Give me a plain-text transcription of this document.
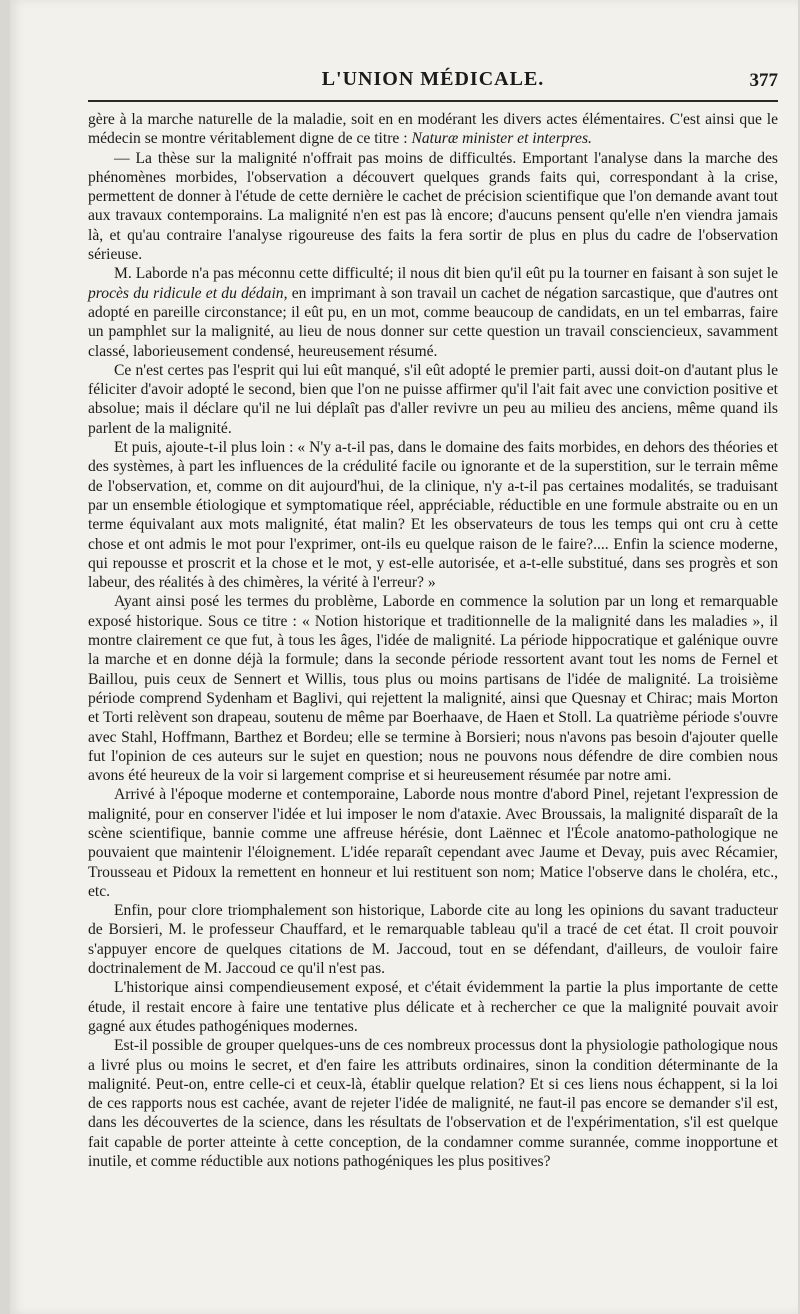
L'UNION MÉDICALE.	377

gère à la marche naturelle de la maladie, soit en en modérant les divers actes élémentaires. C'est ainsi que le médecin se montre véritablement digne de ce titre : Naturæ minister et interpres.

— La thèse sur la malignité n'offrait pas moins de difficultés. Emportant l'analyse dans la marche des phénomènes morbides, l'observation a découvert quelques grands faits qui, correspondant à la crise, permettent de donner à l'étude de cette dernière le cachet de précision scientifique que l'on demande avant tout aux travaux contemporains. La malignité n'en est pas là encore; d'aucuns pensent qu'elle n'en viendra jamais là, et qu'au contraire l'analyse rigoureuse des faits la fera sortir de plus en plus du cadre de l'observation sérieuse.

M. Laborde n'a pas méconnu cette difficulté; il nous dit bien qu'il eût pu la tourner en faisant à son sujet le procès du ridicule et du dédain, en imprimant à son travail un cachet de négation sarcastique, que d'autres ont adopté en pareille circonstance; il eût pu, en un mot, comme beaucoup de candidats, en un tel embarras, faire un pamphlet sur la malignité, au lieu de nous donner sur cette question un travail consciencieux, savamment classé, laborieusement condensé, heureusement résumé.

Ce n'est certes pas l'esprit qui lui eût manqué, s'il eût adopté le premier parti, aussi doit-on d'autant plus le féliciter d'avoir adopté le second, bien que l'on ne puisse affirmer qu'il l'ait fait avec une conviction positive et absolue; mais il déclare qu'il ne lui déplaît pas d'aller revivre un peu au milieu des anciens, même quand ils parlent de la malignité.

Et puis, ajoute-t-il plus loin : « N'y a-t-il pas, dans le domaine des faits morbides, en dehors des théories et des systèmes, à part les influences de la crédulité facile ou ignorante et de la superstition, sur le terrain même de l'observation, et, comme on dit aujourd'hui, de la clinique, n'y a-t-il pas certaines modalités, se traduisant par un ensemble étiologique et symptomatique réel, appréciable, réductible en une formule abstraite ou en un terme équivalant aux mots malignité, état malin? Et les observateurs de tous les temps qui ont cru à cette chose et ont admis le mot pour l'exprimer, ont-ils eu quelque raison de le faire?.... Enfin la science moderne, qui repousse et proscrit et la chose et le mot, y est-elle autorisée, et a-t-elle substitué, dans ses progrès et son labeur, des réalités à des chimères, la vérité à l'erreur? »

Ayant ainsi posé les termes du problème, Laborde en commence la solution par un long et remarquable exposé historique. Sous ce titre : « Notion historique et traditionnelle de la malignité dans les maladies », il montre clairement ce que fut, à tous les âges, l'idée de malignité. La période hippocratique et galénique ouvre la marche et en donne déjà la formule; dans la seconde période ressortent avant tout les noms de Fernel et Baillou, puis ceux de Sennert et Willis, tous plus ou moins partisans de l'idée de malignité. La troisième période comprend Sydenham et Baglivi, qui rejettent la malignité, ainsi que Quesnay et Chirac; mais Morton et Torti relèvent son drapeau, soutenu de même par Boerhaave, de Haen et Stoll. La quatrième période s'ouvre avec Stahl, Hoffmann, Barthez et Bordeu; elle se termine à Borsieri; nous n'avons pas besoin d'ajouter quelle fut l'opinion de ces auteurs sur le sujet en question; nous ne pouvons nous défendre de dire combien nous avons été heureux de la voir si largement comprise et si heureusement résumée par notre ami.

Arrivé à l'époque moderne et contemporaine, Laborde nous montre d'abord Pinel, rejetant l'expression de malignité, pour en conserver l'idée et lui imposer le nom d'ataxie. Avec Broussais, la malignité disparaît de la scène scientifique, bannie comme une affreuse hérésie, dont Laënnec et l'École anatomo-pathologique ne pouvaient que maintenir l'éloignement. L'idée reparaît cependant avec Jaume et Devay, puis avec Récamier, Trousseau et Pidoux la remettent en honneur et lui restituent son nom; Matice l'observe dans le choléra, etc., etc.

Enfin, pour clore triomphalement son historique, Laborde cite au long les opinions du savant traducteur de Borsieri, M. le professeur Chauffard, et le remarquable tableau qu'il a tracé de cet état. Il croit pouvoir s'appuyer encore de quelques citations de M. Jaccoud, tout en se défendant, d'ailleurs, de vouloir faire doctrinalement de M. Jaccoud ce qu'il n'est pas.

L'historique ainsi compendieusement exposé, et c'était évidemment la partie la plus importante de cette étude, il restait encore à faire une tentative plus délicate et à rechercher ce que la malignité pouvait avoir gagné aux études pathogéniques modernes.

Est-il possible de grouper quelques-uns de ces nombreux processus dont la physiologie pathologique nous a livré plus ou moins le secret, et d'en faire les attributs ordinaires, sinon la condition déterminante de la malignité. Peut-on, entre celle-ci et ceux-là, établir quelque relation? Et si ces liens nous échappent, si la loi de ces rapports nous est cachée, avant de rejeter l'idée de malignité, ne faut-il pas encore se demander s'il est, dans les découvertes de la science, dans les résultats de l'observation et de l'expérimentation, s'il est quelque fait capable de porter atteinte à cette conception, de la condamner comme surannée, comme inopportune et inutile, et comme réductible aux notions pathogéniques les plus positives?
